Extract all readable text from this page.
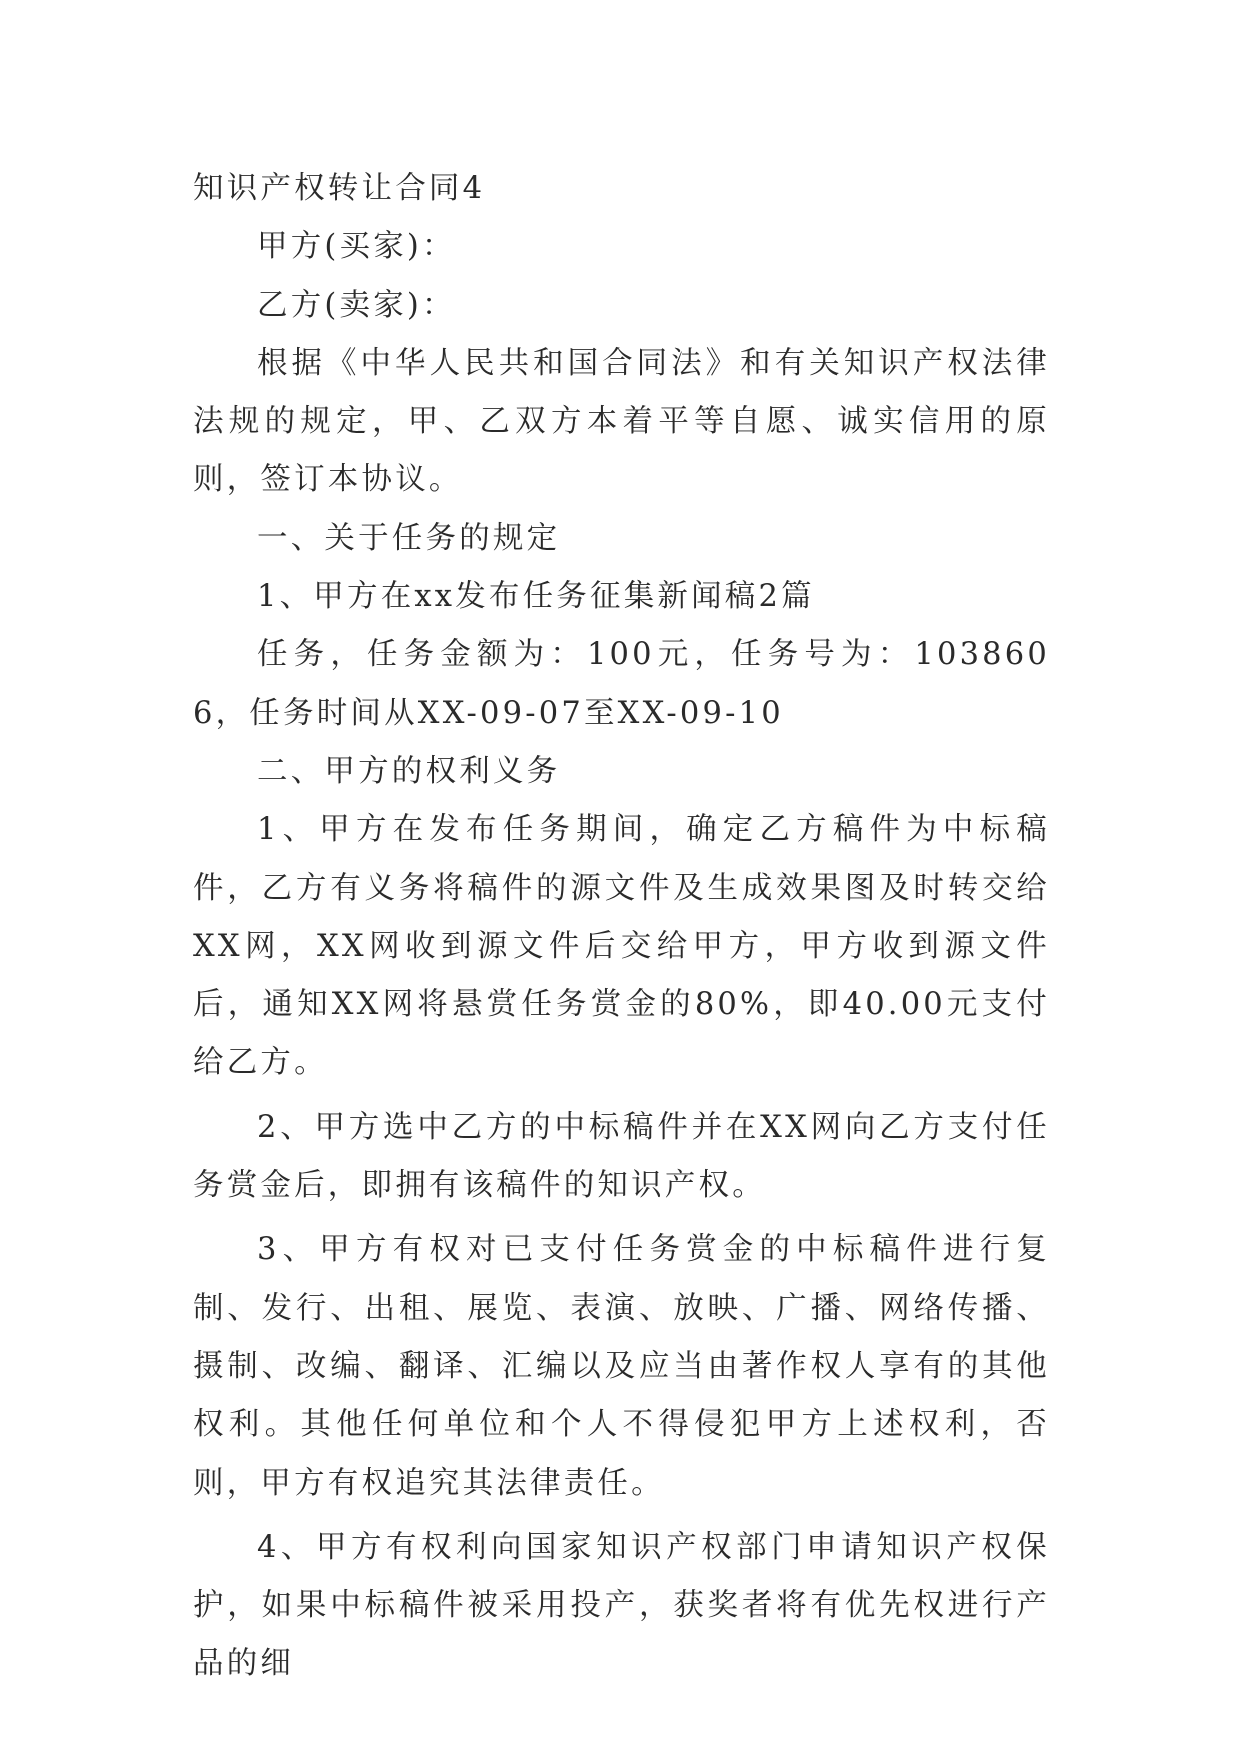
知识产权转让合同4

甲方(买家)：

乙方(卖家)：

根据《中华人民共和国合同法》和有关知识产权法律法规的规定，甲、乙双方本着平等自愿、诚实信用的原则，签订本协议。

一、关于任务的规定

1、甲方在xx发布任务征集新闻稿2篇

任务，任务金额为：100元，任务号为：1038606，任务时间从XX-09-07至XX-09-10

二、甲方的权利义务

1、甲方在发布任务期间，确定乙方稿件为中标稿件，乙方有义务将稿件的源文件及生成效果图及时转交给XX网，XX网收到源文件后交给甲方，甲方收到源文件后，通知XX网将悬赏任务赏金的80%，即40.00元支付给乙方。

2、甲方选中乙方的中标稿件并在XX网向乙方支付任务赏金后，即拥有该稿件的知识产权。

3、甲方有权对已支付任务赏金的中标稿件进行复制、发行、出租、展览、表演、放映、广播、网络传播、摄制、改编、翻译、汇编以及应当由著作权人享有的其他权利。其他任何单位和个人不得侵犯甲方上述权利，否则，甲方有权追究其法律责任。

4、甲方有权利向国家知识产权部门申请知识产权保护，如果中标稿件被采用投产，获奖者将有优先权进行产品的细
